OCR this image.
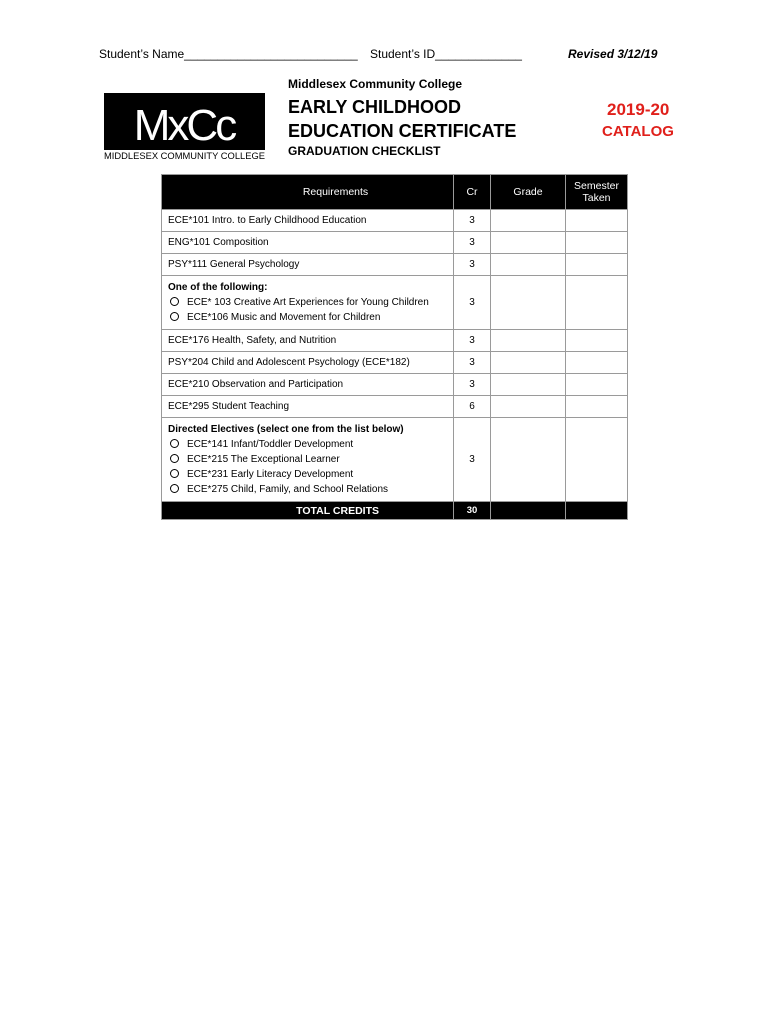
Student’s Name__________________________ Student’s ID_____________	Revised 3/12/19
MxCc
MIDDLESEX COMMUNITY COLLEGE
Middlesex Community College
EARLY CHILDHOOD
EDUCATION CERTIFICATE
GRADUATION CHECKLIST
2019-20
CATALOG
Requirements	Cr	Grade	Semester
Taken
ECE*101 Intro. to Early Childhood Education	3		
ENG*101 Composition	3		
PSY*111 General Psychology	3		

One of the following:
ECE* 103 Creative Art Experiences for Young Children
ECE*106 Music and Movement for Children	3		
ECE*176 Health, Safety, and Nutrition	3		
PSY*204 Child and Adolescent Psychology (ECE*182)	3		
ECE*210 Observation and Participation	3		
ECE*295 Student Teaching	6		

Directed Electives (select one from the list below)
ECE*141 Infant/Toddler Development
ECE*215 The Exceptional Learner
ECE*231 Early Literacy Development
ECE*275 Child, Family, and School Relations	3		
TOTAL CREDITS	30		
